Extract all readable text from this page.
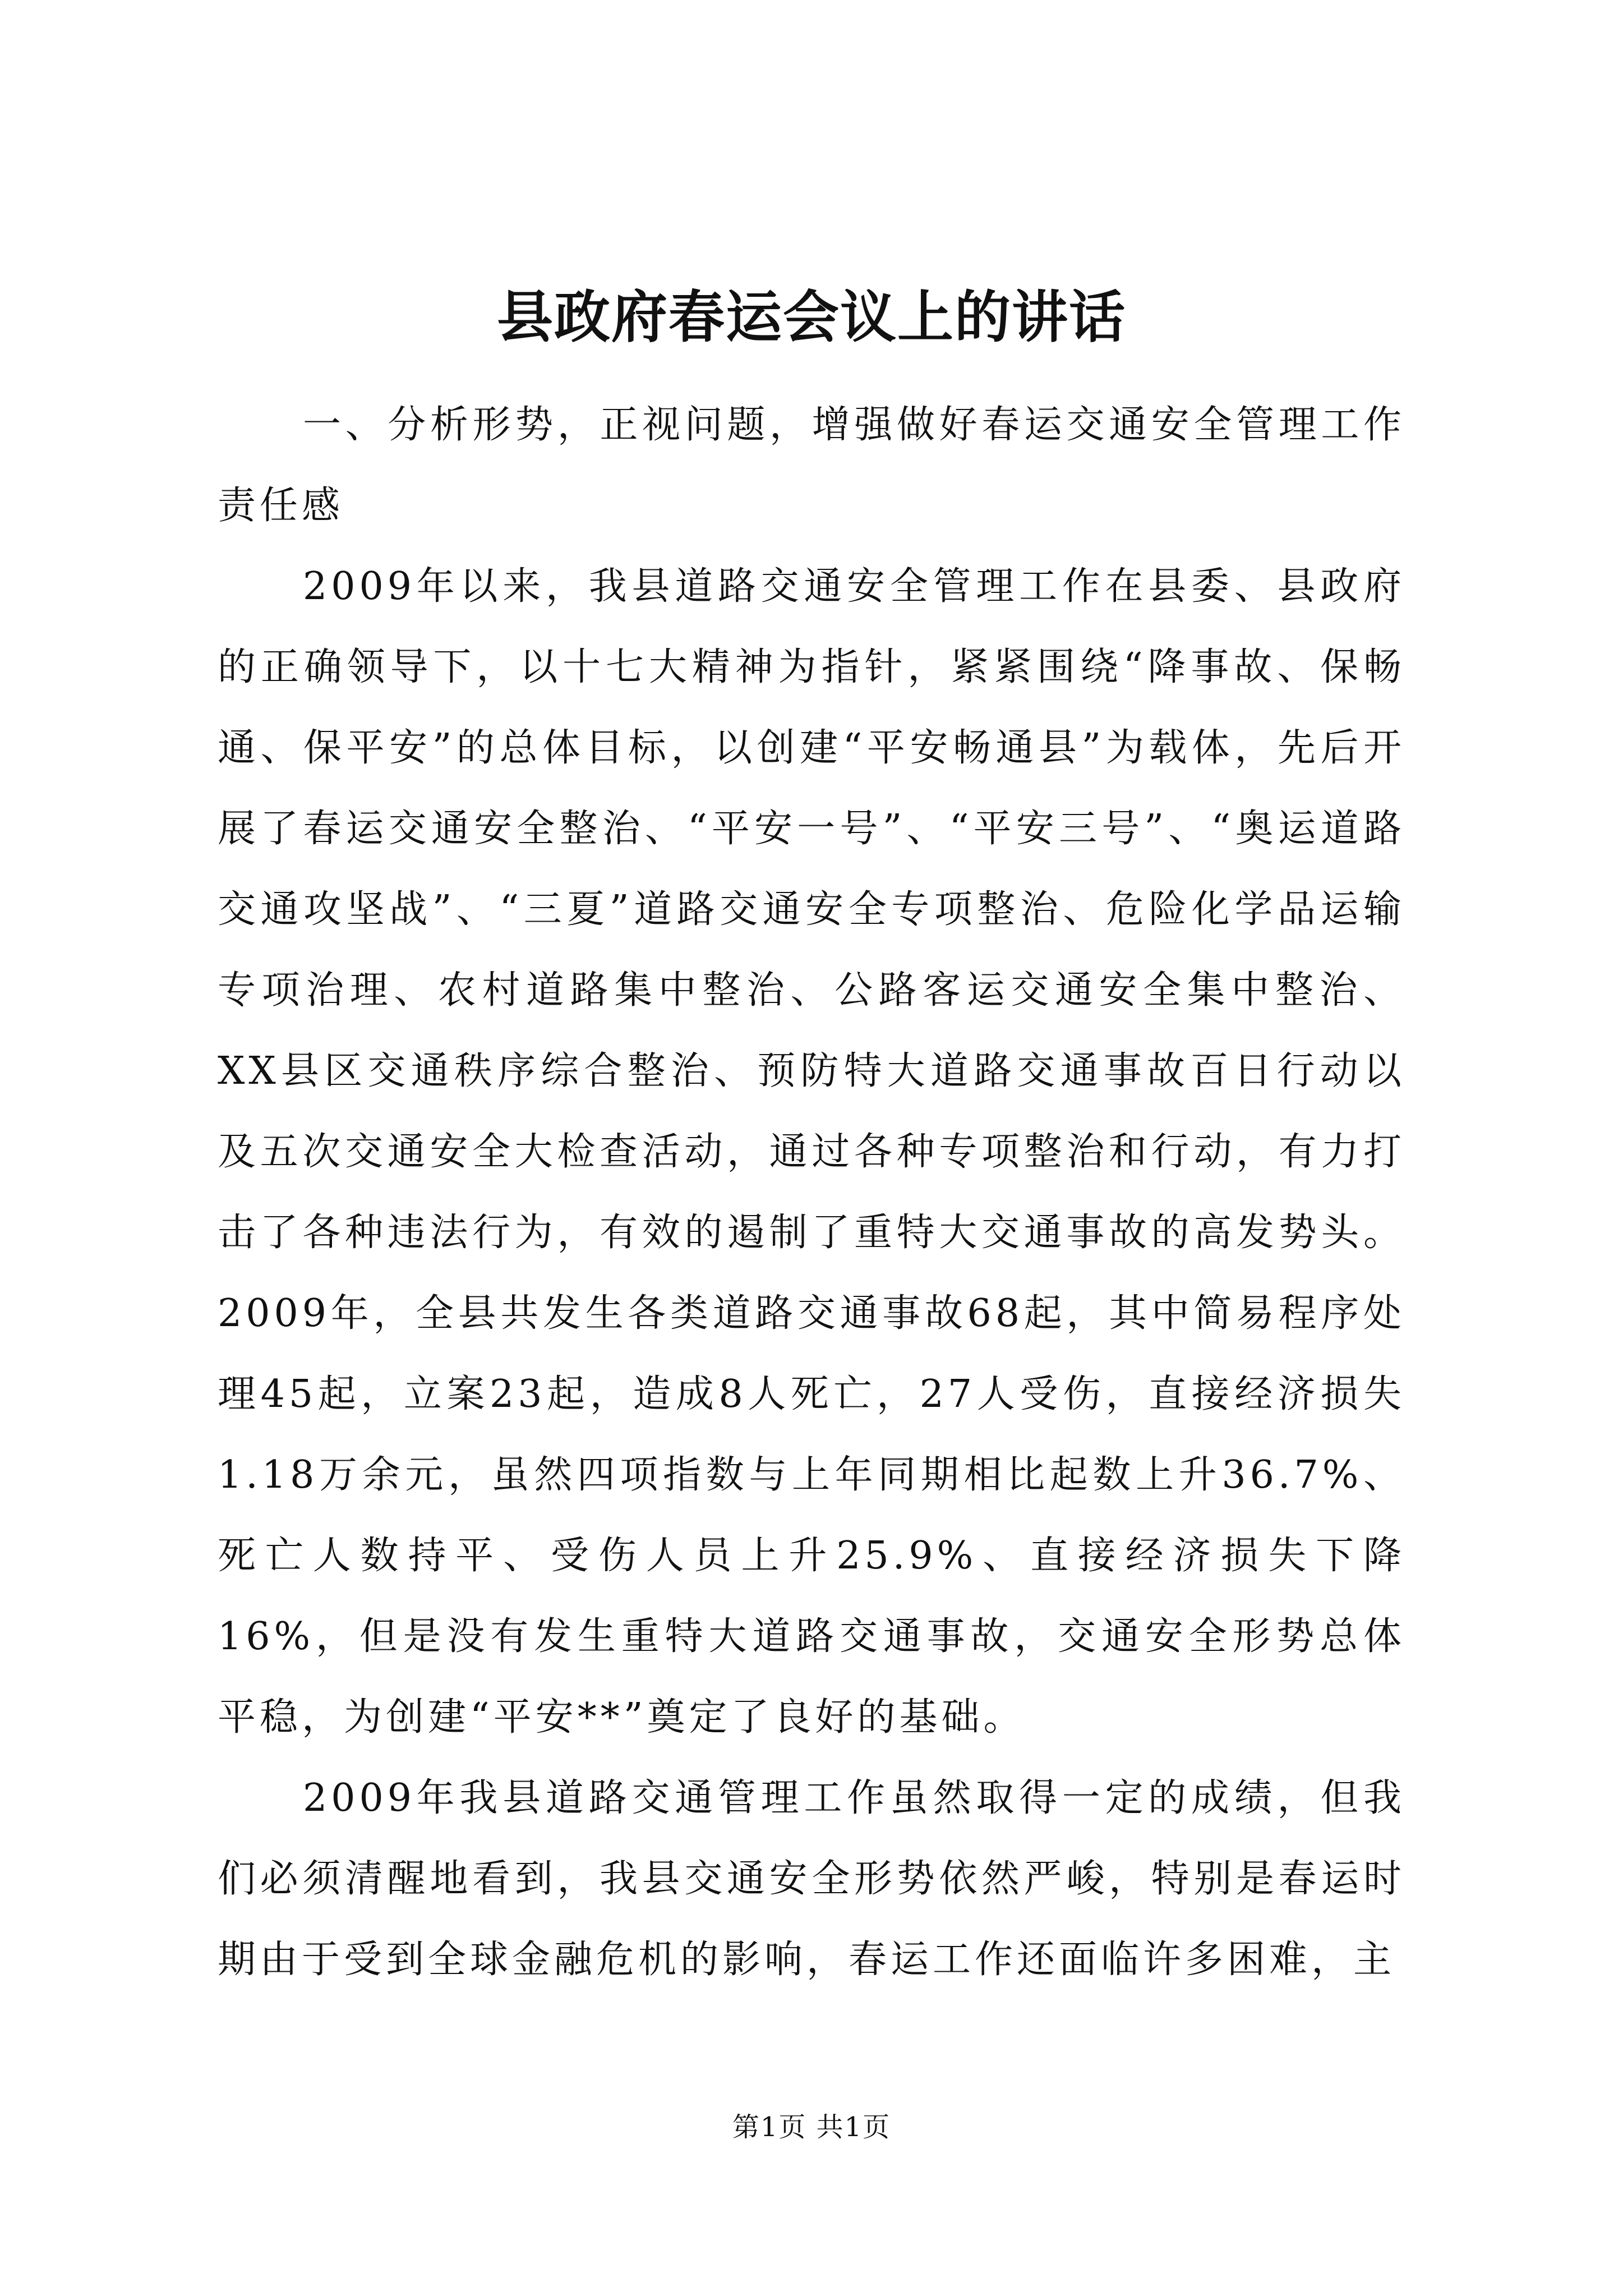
县政府春运会议上的讲话

一、分析形势，正视问题，增强做好春运交通安全管理工作责任感

2009年以来，我县道路交通安全管理工作在县委、县政府的正确领导下，以十七大精神为指针，紧紧围绕“降事故、保畅通、保平安”的总体目标，以创建“平安畅通县”为载体，先后开展了春运交通安全整治、“平安一号”、“平安三号”、“奥运道路交通攻坚战”、“三夏”道路交通安全专项整治、危险化学品运输专项治理、农村道路集中整治、公路客运交通安全集中整治、XX县区交通秩序综合整治、预防特大道路交通事故百日行动以及五次交通安全大检查活动，通过各种专项整治和行动，有力打击了各种违法行为，有效的遏制了重特大交通事故的高发势头。2009年，全县共发生各类道路交通事故68起，其中简易程序处理45起，立案23起，造成8人死亡，27人受伤，直接经济损失1.18万余元，虽然四项指数与上年同期相比起数上升36.7%、死亡人数持平、受伤人员上升25.9%、直接经济损失下降16%，但是没有发生重特大道路交通事故，交通安全形势总体平稳，为创建“平安**”奠定了良好的基础。

2009年我县道路交通管理工作虽然取得一定的成绩，但我们必须清醒地看到，我县交通安全形势依然严峻，特别是春运时期由于受到全球金融危机的影响，春运工作还面临许多困难，主

第1页 共1页
